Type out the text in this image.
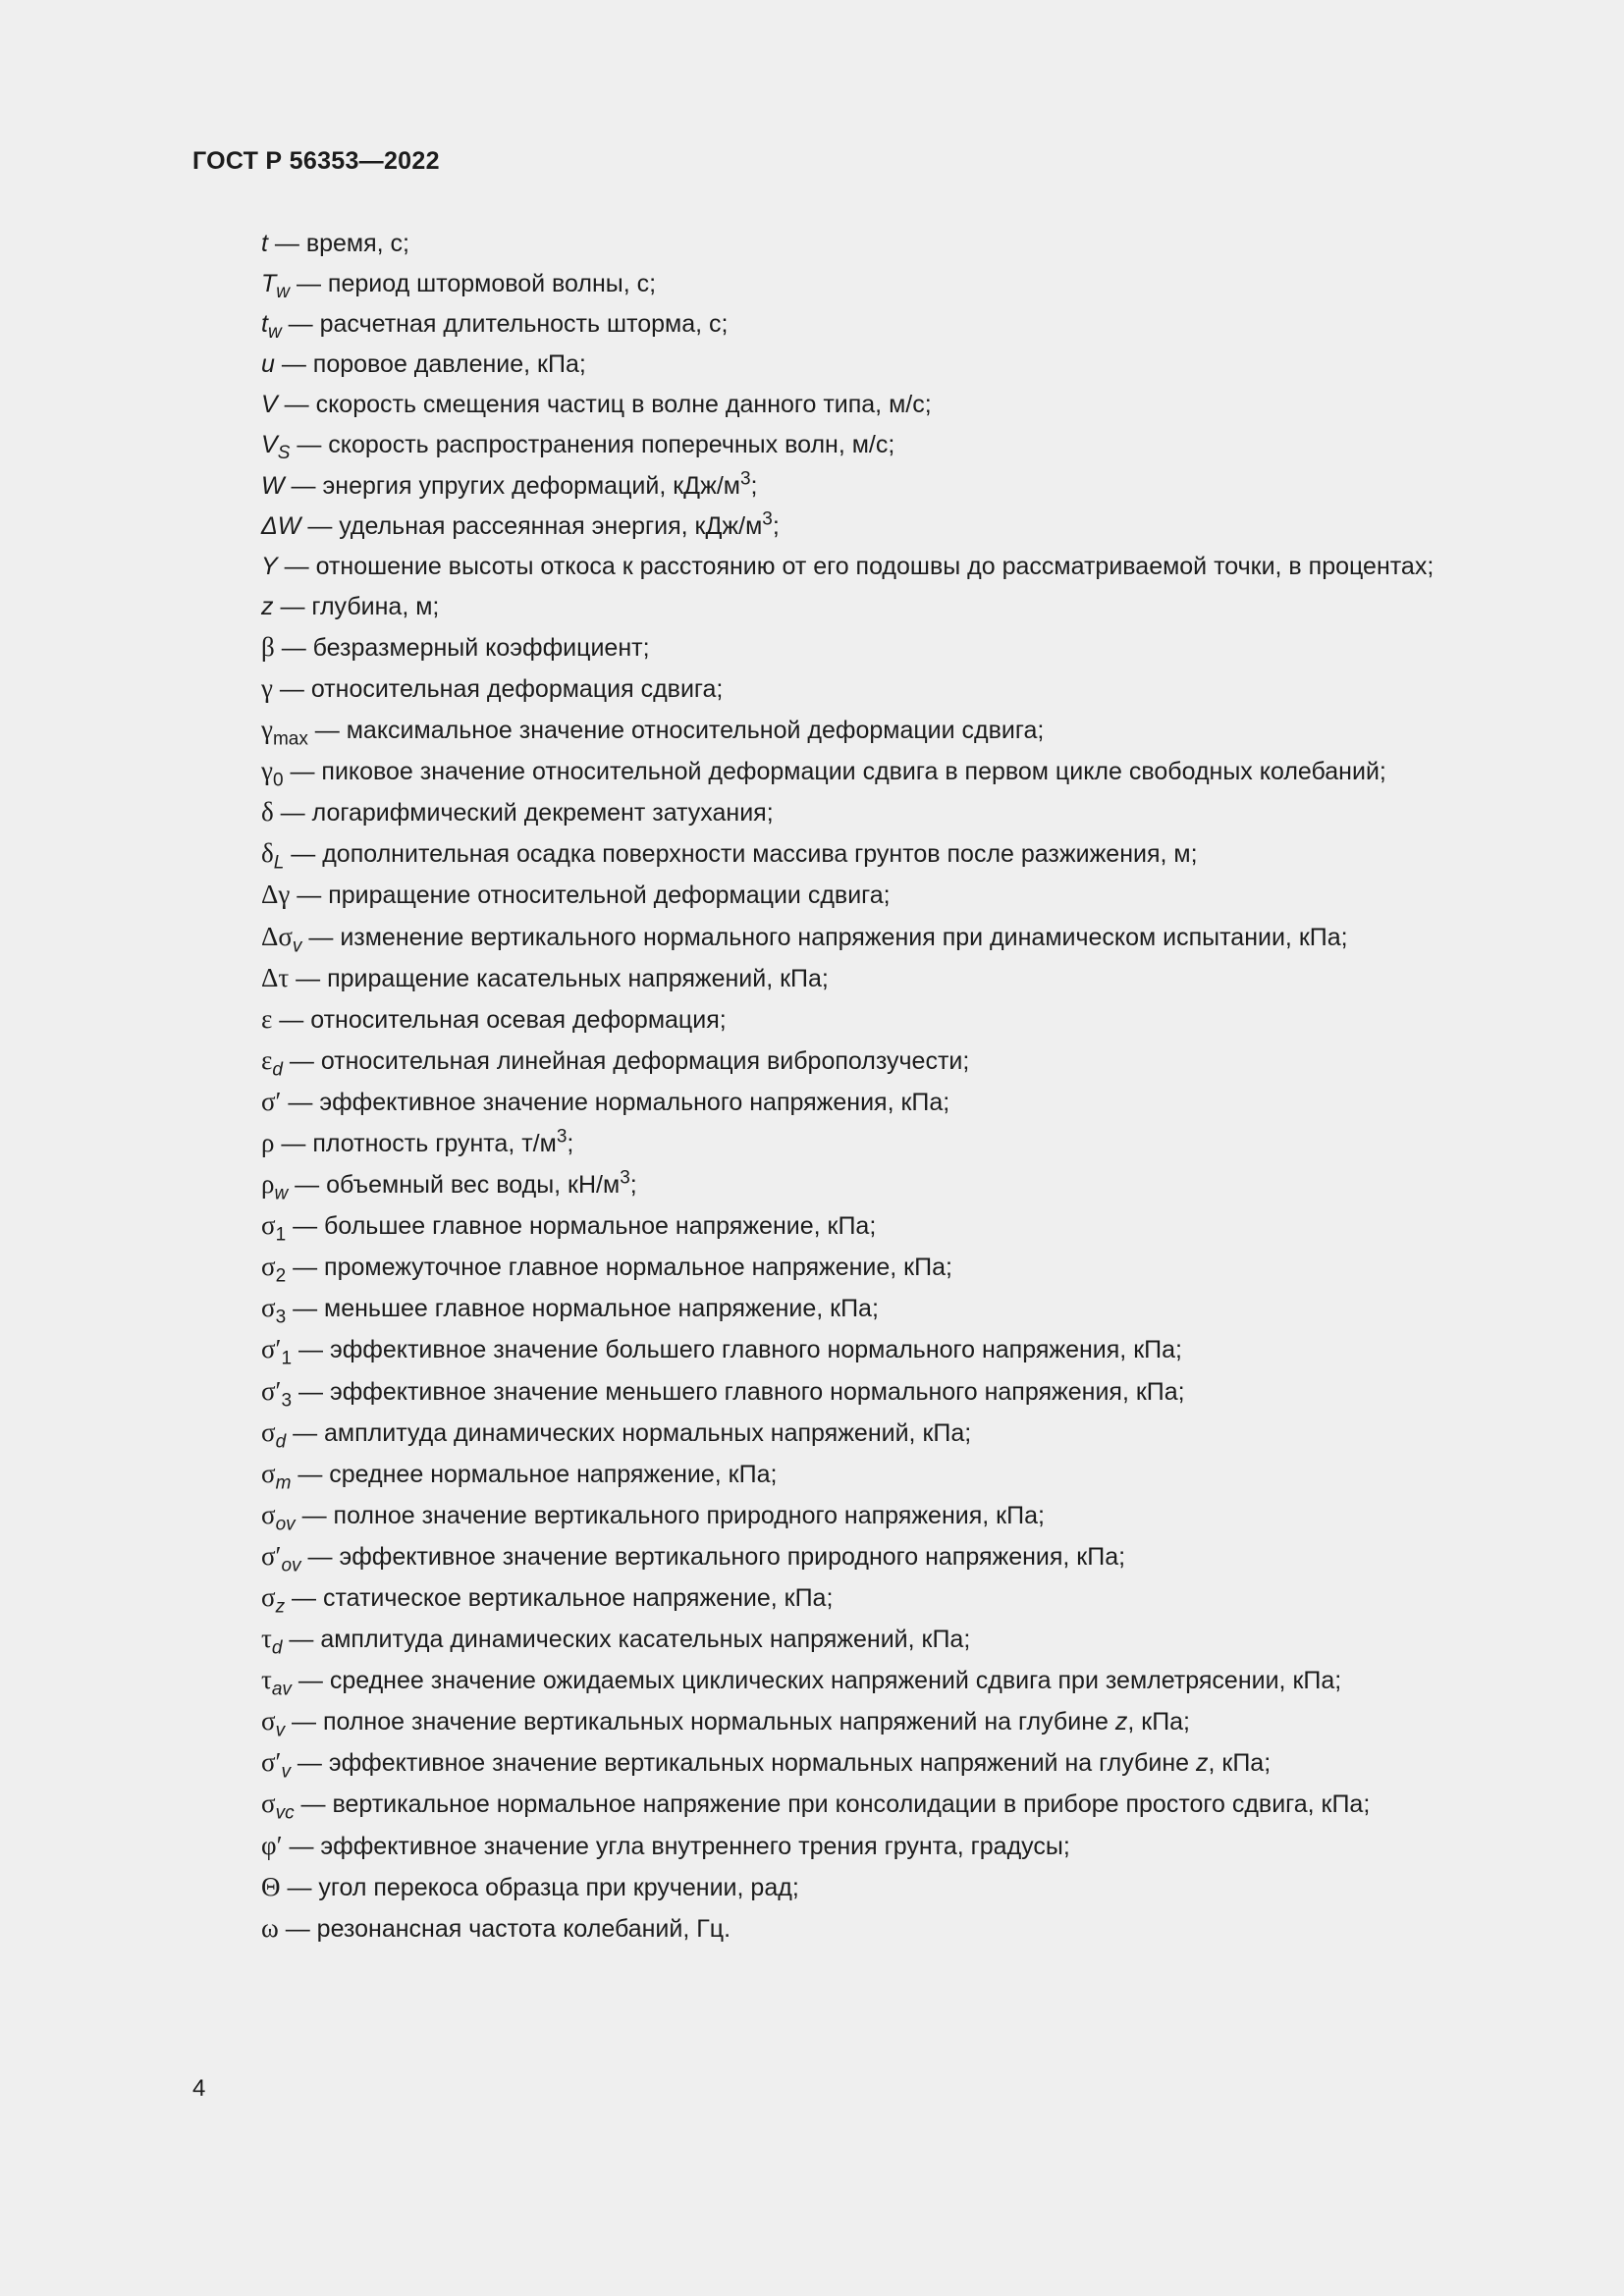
ГОСТ Р 56353—2022
t — время, с;
$T_w$ — период штормовой волны, с;
$t_w$ — расчетная длительность шторма, с;
u — поровое давление, кПа;
V — скорость смещения частиц в волне данного типа, м/с;
$V_S$ — скорость распространения поперечных волн, м/с;
W — энергия упругих деформаций, кДж/$м^3$;
ΔW — удельная рассеянная энергия, кДж/$м^3$;
Y — отношение высоты откоса к расстоянию от его подошвы до рассматриваемой точки, в процентах;
z — глубина, м;
β — безразмерный коэффициент;
γ — относительная деформация сдвига;
$\gamma_{max}$ — максимальное значение относительной деформации сдвига;
$\gamma_0$ — пиковое значение относительной деформации сдвига в первом цикле свободных колебаний;
δ — логарифмический декремент затухания;
$\delta_L$ — дополнительная осадка поверхности массива грунтов после разжижения, м;
Δγ — приращение относительной деформации сдвига;
$\Delta\sigma_v$ — изменение вертикального нормального напряжения при динамическом испытании, кПа;
Δτ — приращение касательных напряжений, кПа;
ε — относительная осевая деформация;
$\varepsilon_d$ — относительная линейная деформация виброползучести;
σ′ — эффективное значение нормального напряжения, кПа;
ρ — плотность грунта, $т/м^3$;
$\rho_w$ — объемный вес воды, $кН/м^3$;
$\sigma_1$ — большее главное нормальное напряжение, кПа;
$\sigma_2$ — промежуточное главное нормальное напряжение, кПа;
$\sigma_3$ — меньшее главное нормальное напряжение, кПа;
$\sigma'_1$ — эффективное значение большего главного нормального напряжения, кПа;
$\sigma'_3$ — эффективное значение меньшего главного нормального напряжения, кПа;
$\sigma_d$ — амплитуда динамических нормальных напряжений, кПа;
$\sigma_m$ — среднее нормальное напряжение, кПа;
$\sigma_{ov}$ — полное значение вертикального природного напряжения, кПа;
$\sigma'_{ov}$ — эффективное значение вертикального природного напряжения, кПа;
$\sigma_z$ — статическое вертикальное напряжение, кПа;
$\tau_d$ — амплитуда динамических касательных напряжений, кПа;
$\tau_{av}$ — среднее значение ожидаемых циклических напряжений сдвига при землетрясении, кПа;
$\sigma_v$ — полное значение вертикальных нормальных напряжений на глубине z, кПа;
$\sigma'_v$ — эффективное значение вертикальных нормальных напряжений на глубине z, кПа;
$\sigma_{vc}$ — вертикальное нормальное напряжение при консолидации в приборе простого сдвига, кПа;
φ′ — эффективное значение угла внутреннего трения грунта, градусы;
Θ — угол перекоса образца при кручении, рад;
ω — резонансная частота колебаний, Гц.
4
